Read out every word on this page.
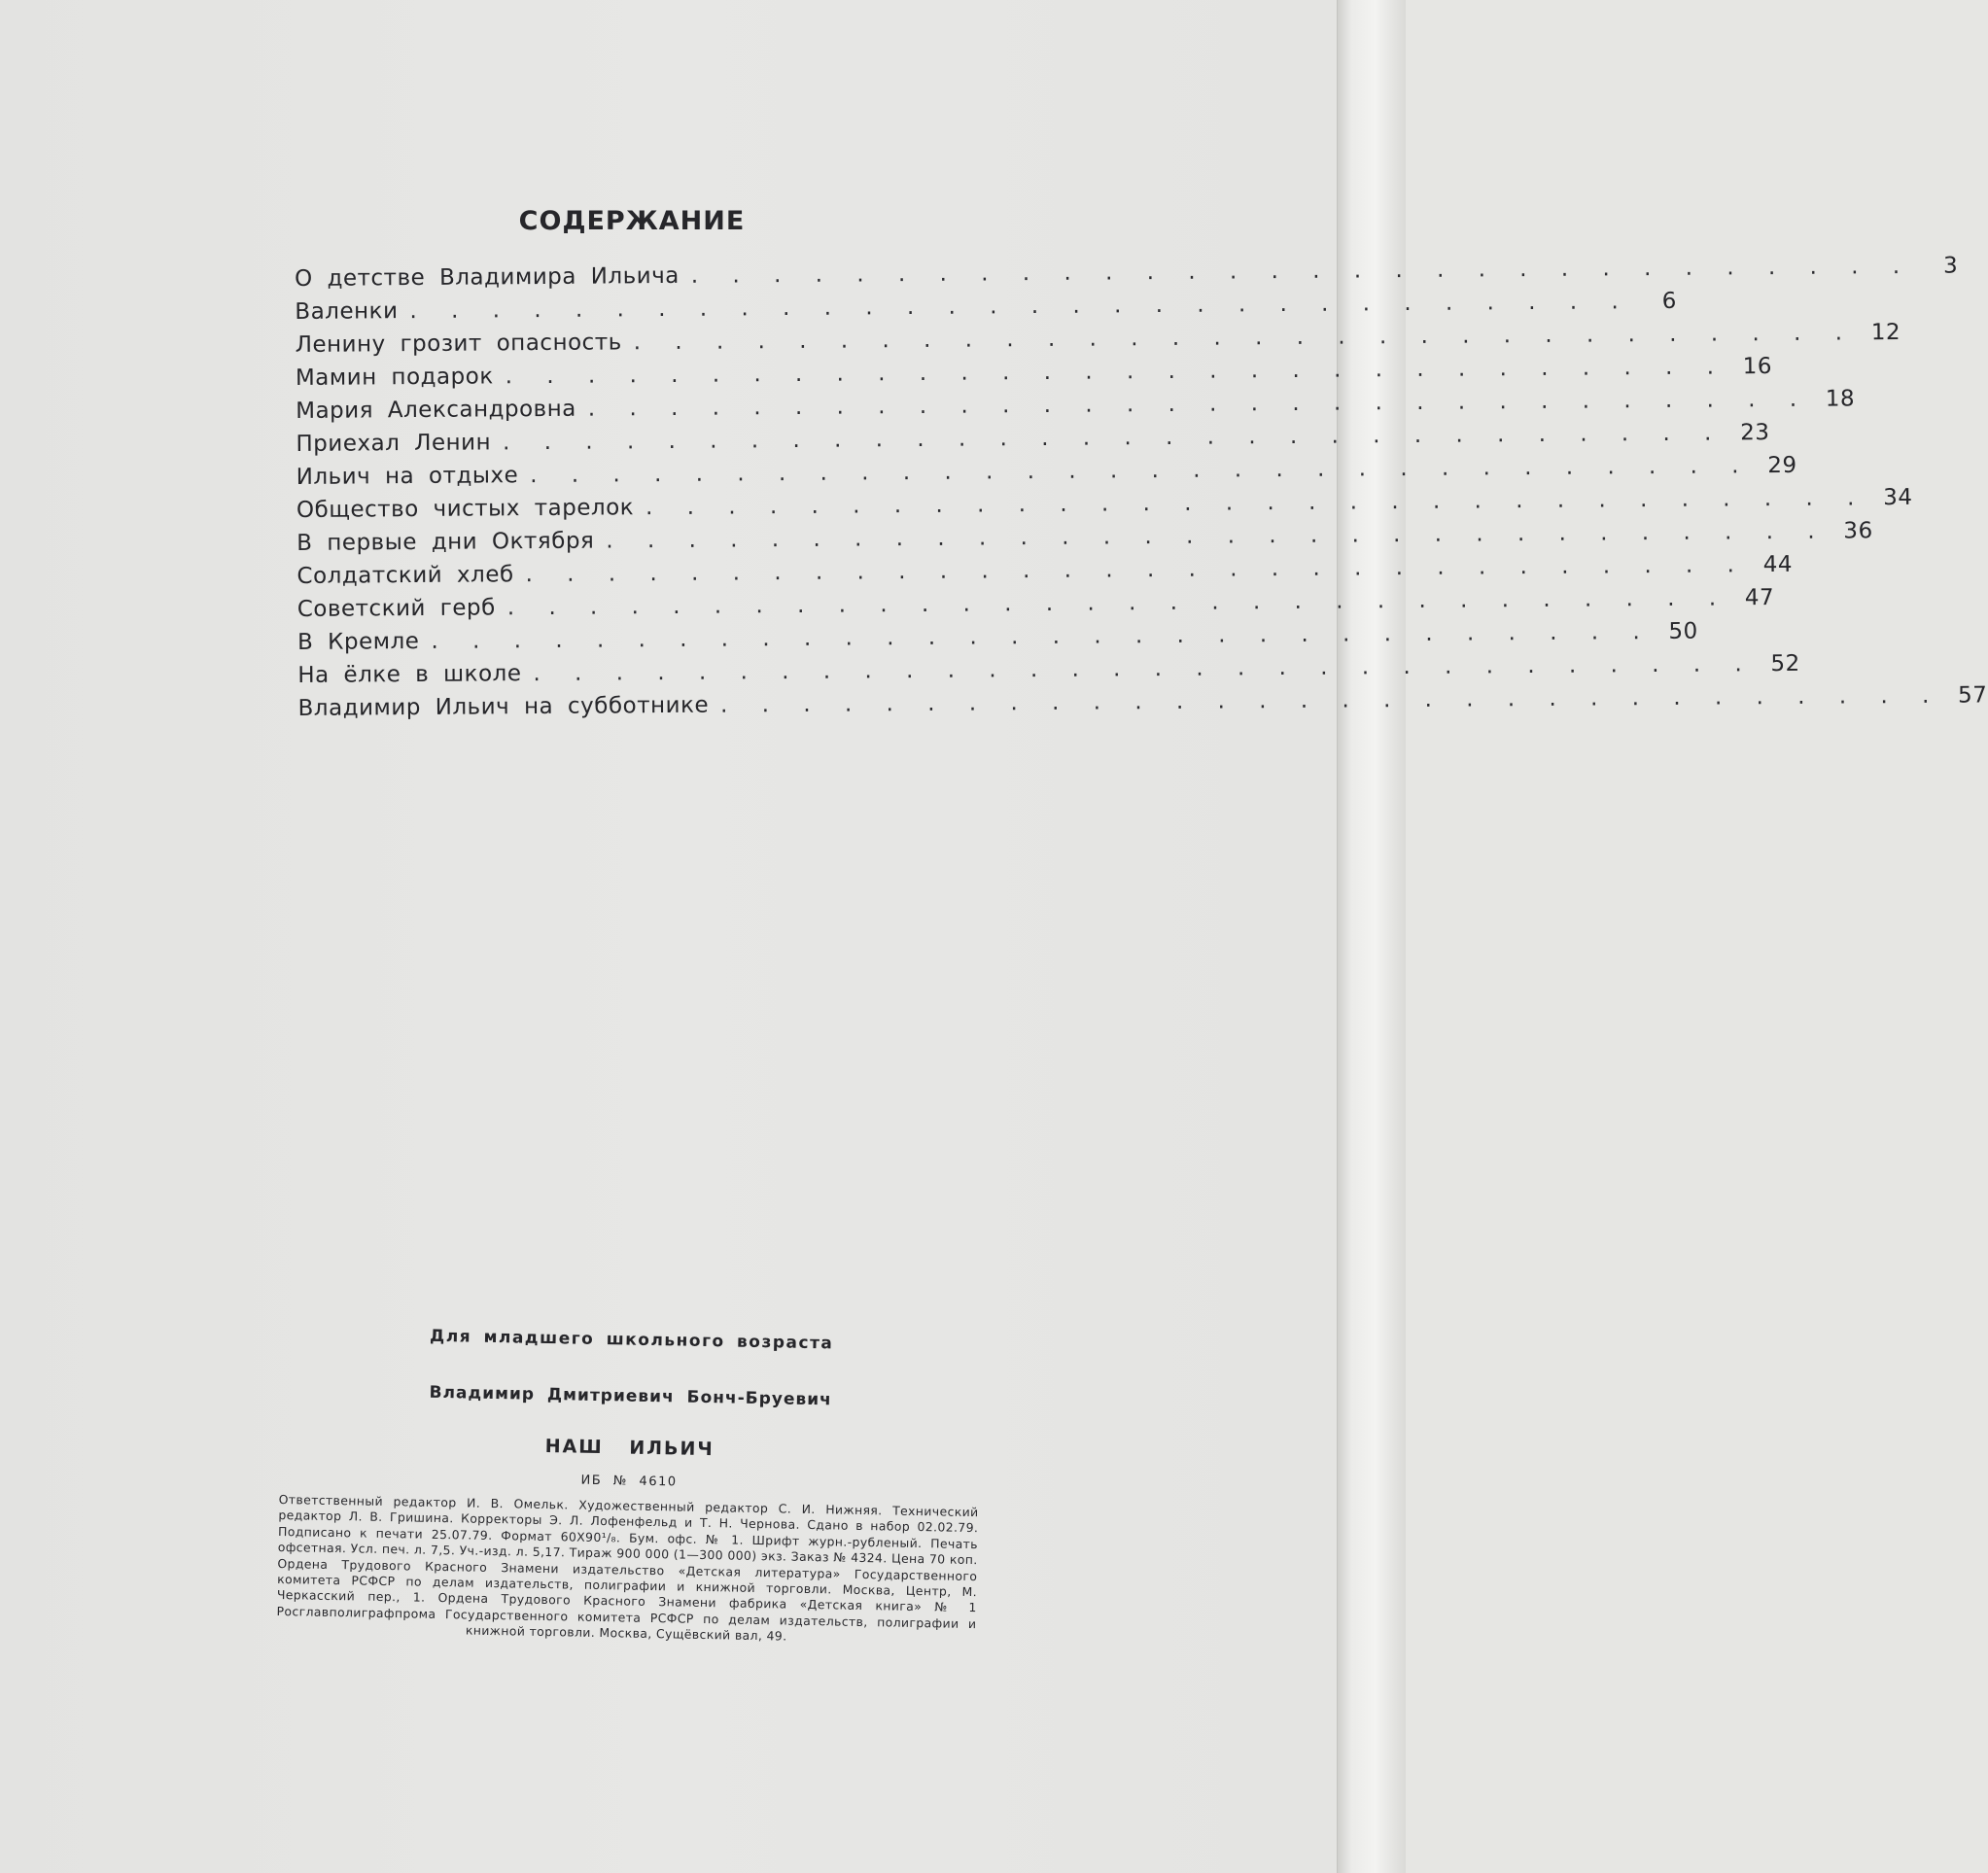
СОДЕРЖАНИЕ
О детстве Владимира Ильича . . . . . . . . . . . . . . . . . . . . . . . . . . . . . .	3
Валенки . . . . . . . . . . . . . . . . . . . . . . . . . . . . . .	6
Ленину грозит опасность . . . . . . . . . . . . . . . . . . . . . . . . . . . . . . 12
Мамин подарок . . . . . . . . . . . . . . . . . . . . . . . . . . . . . . 16
Мария Александровна . . . . . . . . . . . . . . . . . . . . . . . . . . . . . . 18
Приехал Ленин . . . . . . . . . . . . . . . . . . . . . . . . . . . . . . 23
Ильич на отдыхе . . . . . . . . . . . . . . . . . . . . . . . . . . . . . . 29
Общество чистых тарелок . . . . . . . . . . . . . . . . . . . . . . . . . . . . . . 34
В первые дни Октября . . . . . . . . . . . . . . . . . . . . . . . . . . . . . . 36
Солдатский хлеб . . . . . . . . . . . . . . . . . . . . . . . . . . . . . . 44
Советский герб . . . . . . . . . . . . . . . . . . . . . . . . . . . . . . 47
В Кремле . . . . . . . . . . . . . . . . . . . . . . . . . . . . . . 50
На ёлке в школе . . . . . . . . . . . . . . . . . . . . . . . . . . . . . . 52
Владимир Ильич на субботнике . . . . . . . . . . . . . . . . . . . . . . . . . . . . . . 57

Для младшего школьного возраста

Владимир Дмитриевич Бонч-Бруевич

НАШ ИЛЬИЧ

ИБ № 4610

Ответственный редактор И. В. Омельк. Художественный редактор С. И. Нижняя. Технический редактор Л. В. Гришина. Корректоры Э. Л. Лофенфельд и Т. Н. Чернова. Сдано в набор 02.02.79. Подписано к печати 25.07.79. Формат 60X90¹/₈. Бум. офс. № 1. Шрифт журн.-рубленый. Печать офсетная. Усл. печ. л. 7,5. Уч.-изд. л. 5,17. Тираж 900 000 (1—300 000) экз. Заказ № 4324. Цена 70 коп. Ордена Трудового Красного Знамени издательство «Детская литература» Государственного комитета РСФСР по делам издательств, полиграфии и книжной торговли. Москва, Центр, М. Черкасский пер., 1. Ордена Трудового Красного Знамени фабрика «Детская книга» № 1 Росглавполиграфпрома Государственного комитета РСФСР по делам издательств, полиграфии и книжной торговли. Москва, Сущёвский вал, 49.
